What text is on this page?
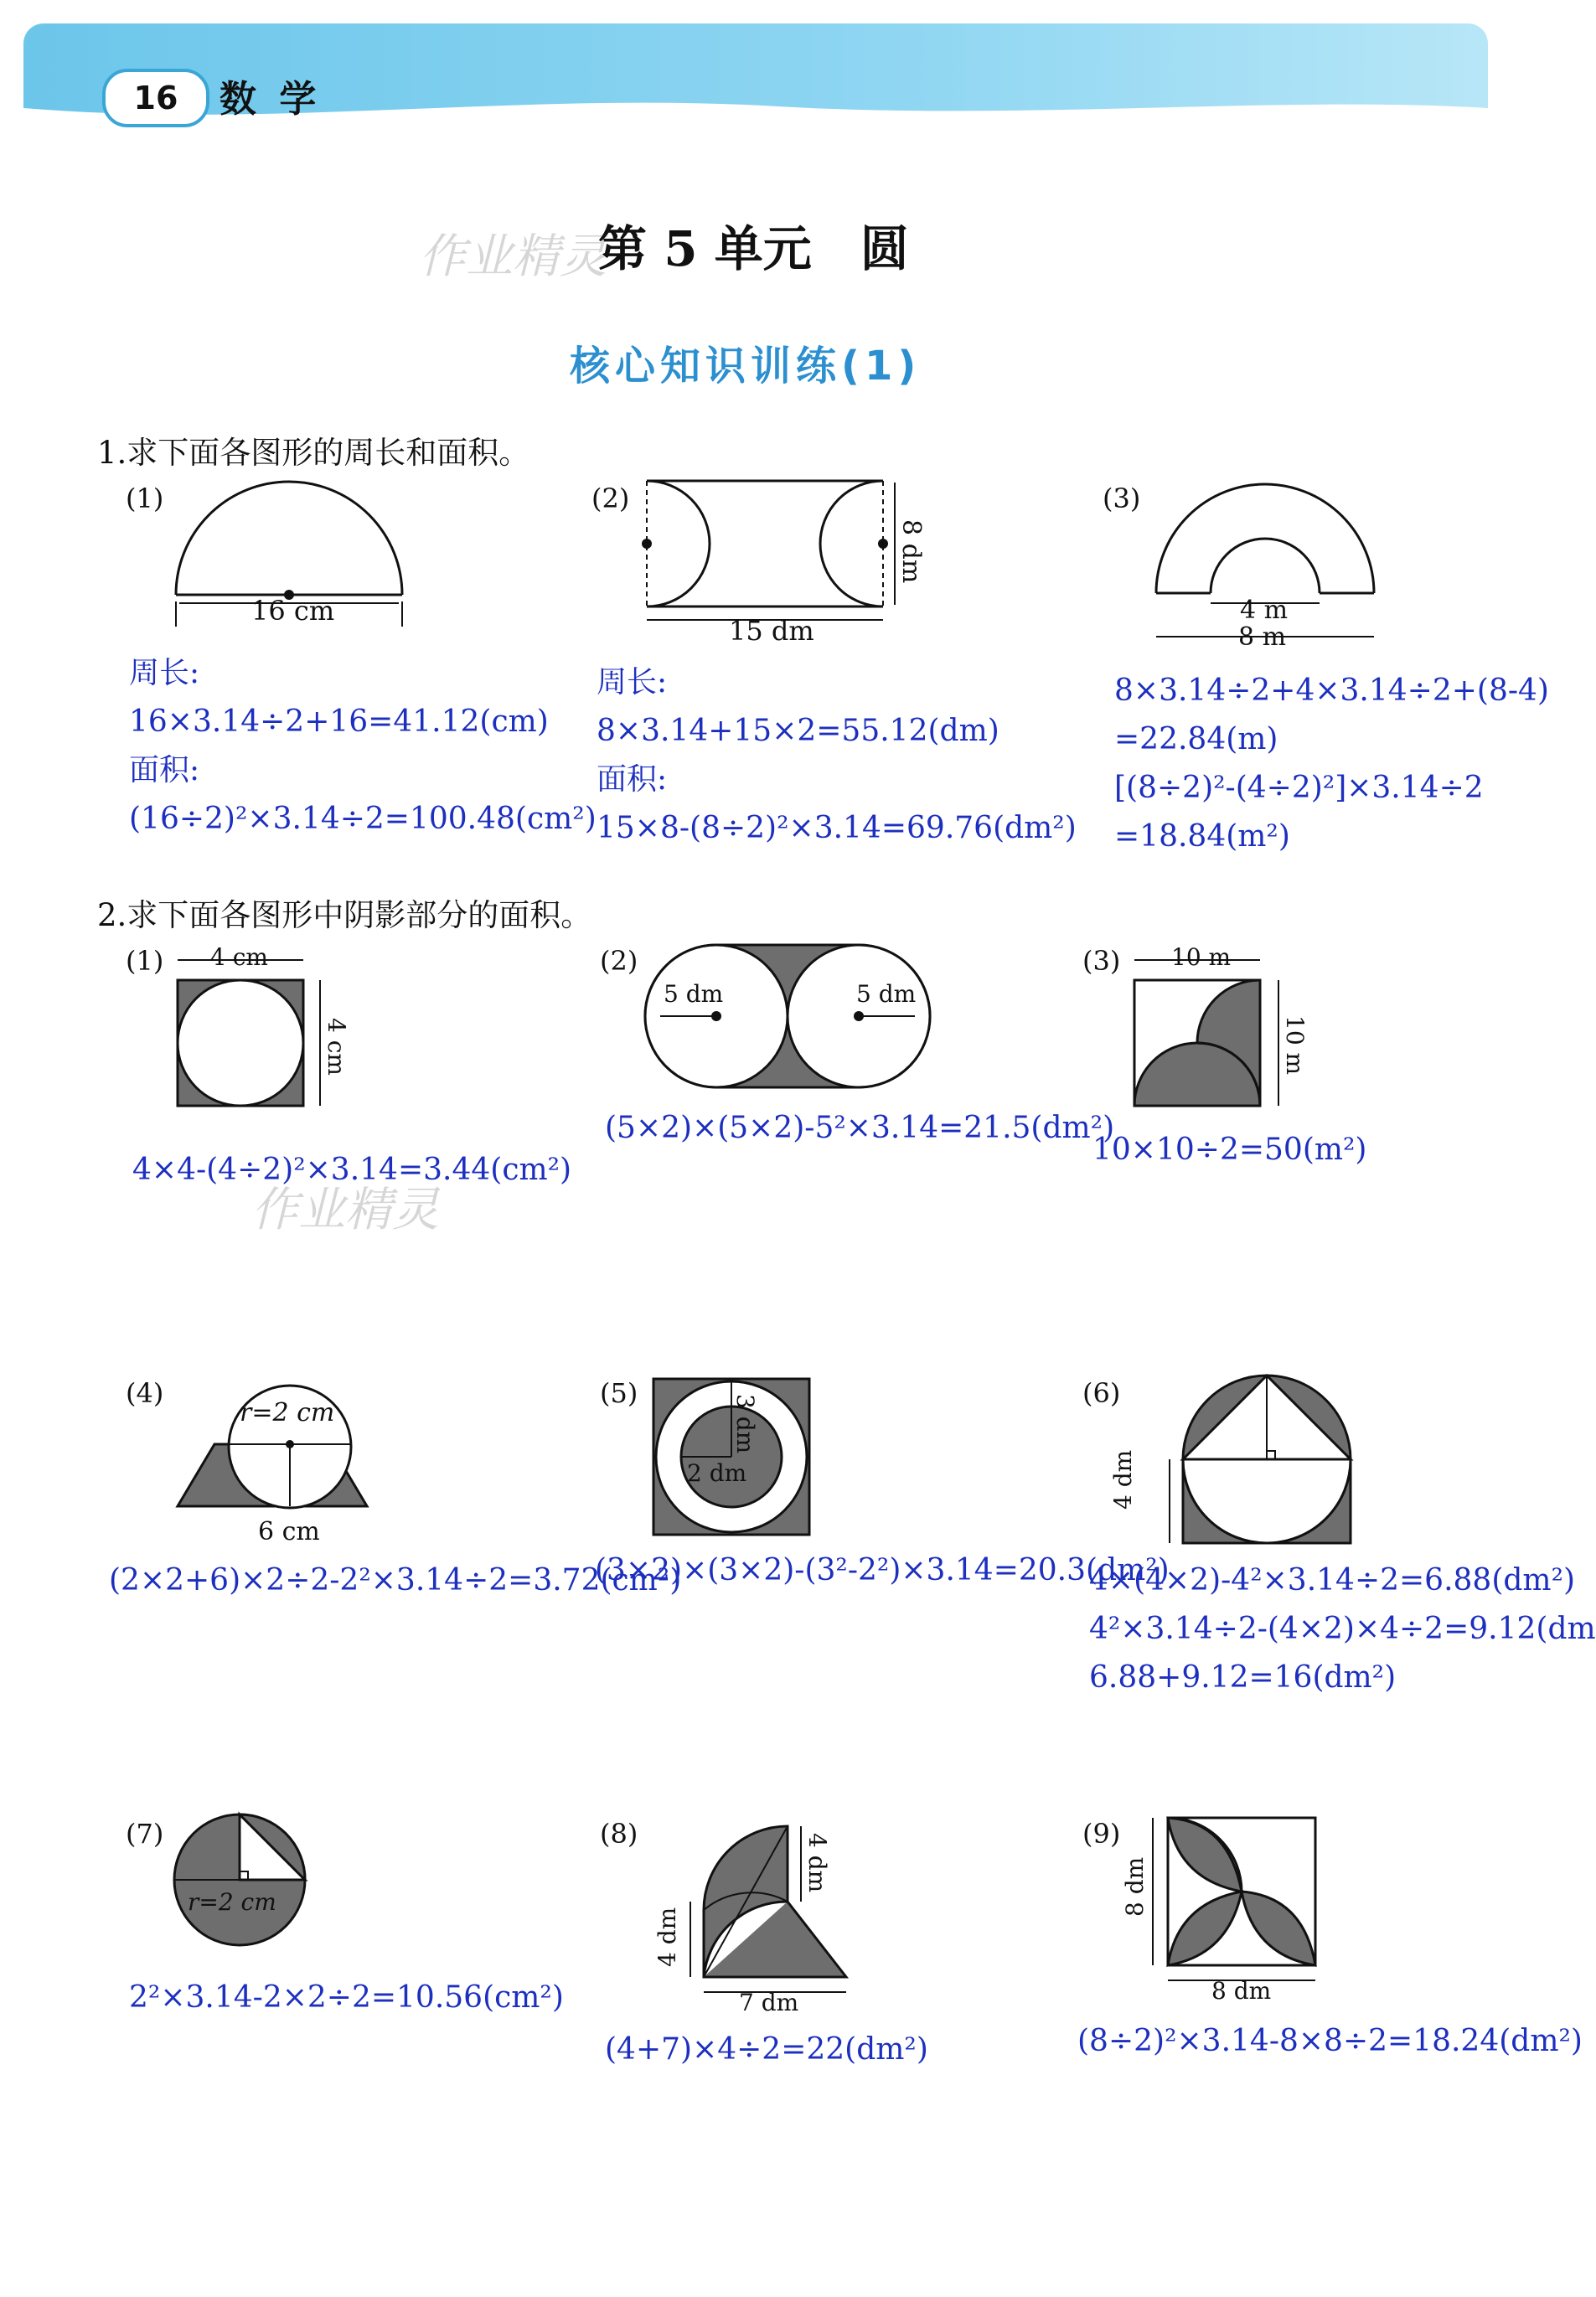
16	数 学
作业精灵
第 5 单元　圆
核心知识训练(1)
1.求下面各图形的周长和面积。
(1)
16 cm
周长:
16×3.14÷2+16=41.12(cm)
面积:
(16÷2)²×3.14÷2=100.48(cm²)
(2)
8 dm
15 dm
周长:
8×3.14+15×2=55.12(dm)
面积:
15×8-(8÷2)²×3.14=69.76(dm²)
(3)
4 m
8 m
8×3.14÷2+4×3.14÷2+(8-4)
=22.84(m)
[(8÷2)²-(4÷2)²]×3.14÷2
=18.84(m²)
2.求下面各图形中阴影部分的面积。
(1) 4 cm
4 cm
4×4-(4÷2)²×3.14=3.44(cm²)
作业精灵
(2)
5 dm	5 dm
(5×2)×(5×2)-5²×3.14=21.5(dm²)
(3) 10 m
10 m
10×10÷2=50(m²)
(4)
r=2 cm
6 cm
(2×2+6)×2÷2-2²×3.14÷2=3.72(cm²)
(5)
3 dm
2 dm
(3×2)×(3×2)-(3²-2²)×3.14=20.3(dm²)
(6)
4 dm
4×(4×2)-4²×3.14÷2=6.88(dm²)
4²×3.14÷2-(4×2)×4÷2=9.12(dm
6.88+9.12=16(dm²)
(7)
r=2 cm
2²×3.14-2×2÷2=10.56(cm²)
(8)	4 dm
4 dm
7 dm
(4+7)×4÷2=22(dm²)
(9)
8 dm
8 dm
(8÷2)²×3.14-8×8÷2=18.24(dm²)
